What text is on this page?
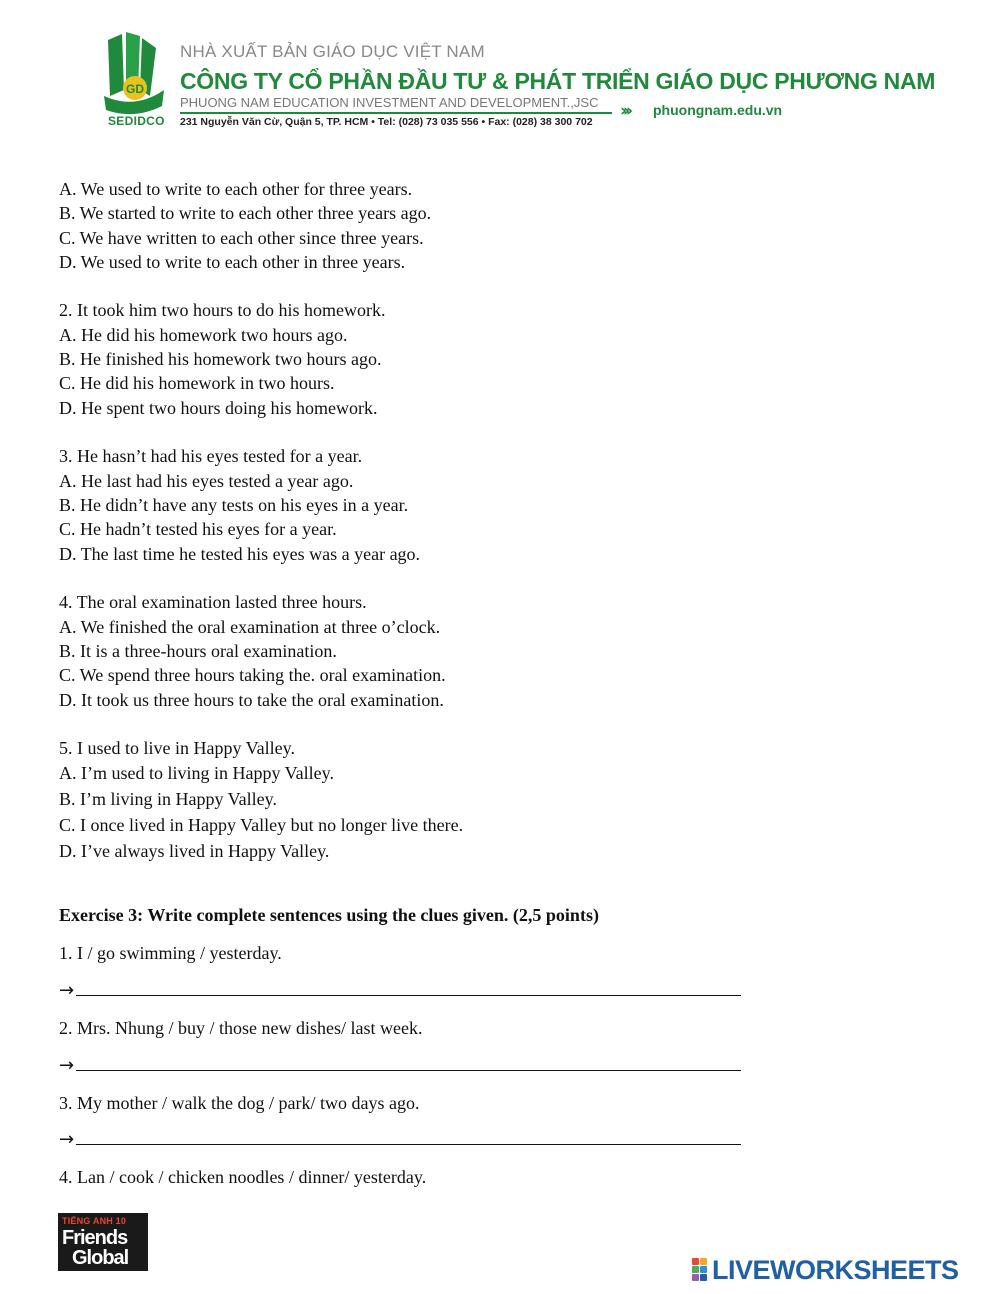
GD
SEDIDCO
NHÀ XUẤT BẢN GIÁO DỤC VIỆT NAM
CÔNG TY CỔ PHẦN ĐẦU TƯ & PHÁT TRIỂN GIÁO DỤC PHƯƠNG NAM
PHUONG NAM EDUCATION INVESTMENT AND DEVELOPMENT.,JSC ››› phuongnam.edu.vn
231 Nguyễn Văn Cừ, Quận 5, TP. HCM • Tel: (028) 73 035 556 • Fax: (028) 38 300 702
A. We used to write to each other for three years.
B. We started to write to each other three years ago.
C. We have written to each other since three years.
D. We used to write to each other in three years.
2. It took him two hours to do his homework.
A. He did his homework two hours ago.
B. He finished his homework two hours ago.
C. He did his homework in two hours.
D. He spent two hours doing his homework.
3. He hasn’t had his eyes tested for a year.
A. He last had his eyes tested a year ago.
B. He didn’t have any tests on his eyes in a year.
C. He hadn’t tested his eyes for a year.
D. The last time he tested his eyes was a year ago.
4. The oral examination lasted three hours.
A. We finished the oral examination at three o’clock.
B. It is a three-hours oral examination.
C. We spend three hours taking the. oral examination.
D. It took us three hours to take the oral examination.
5. I used to live in Happy Valley.
A. I’m used to living in Happy Valley.
B. I’m living in Happy Valley.
C. I once lived in Happy Valley but no longer live there.
D. I’ve always lived in Happy Valley.
Exercise 3: Write complete sentences using the clues given. (2,5 points)
1. I / go swimming / yesterday.
→
2. Mrs. Nhung / buy / those new dishes/ last week.
→
3. My mother / walk the dog / park/ two days ago.
→
4. Lan / cook / chicken noodles / dinner/ yesterday.
TIẾNG ANH 10
Friends
Global	LIVEWORKSHEETS
